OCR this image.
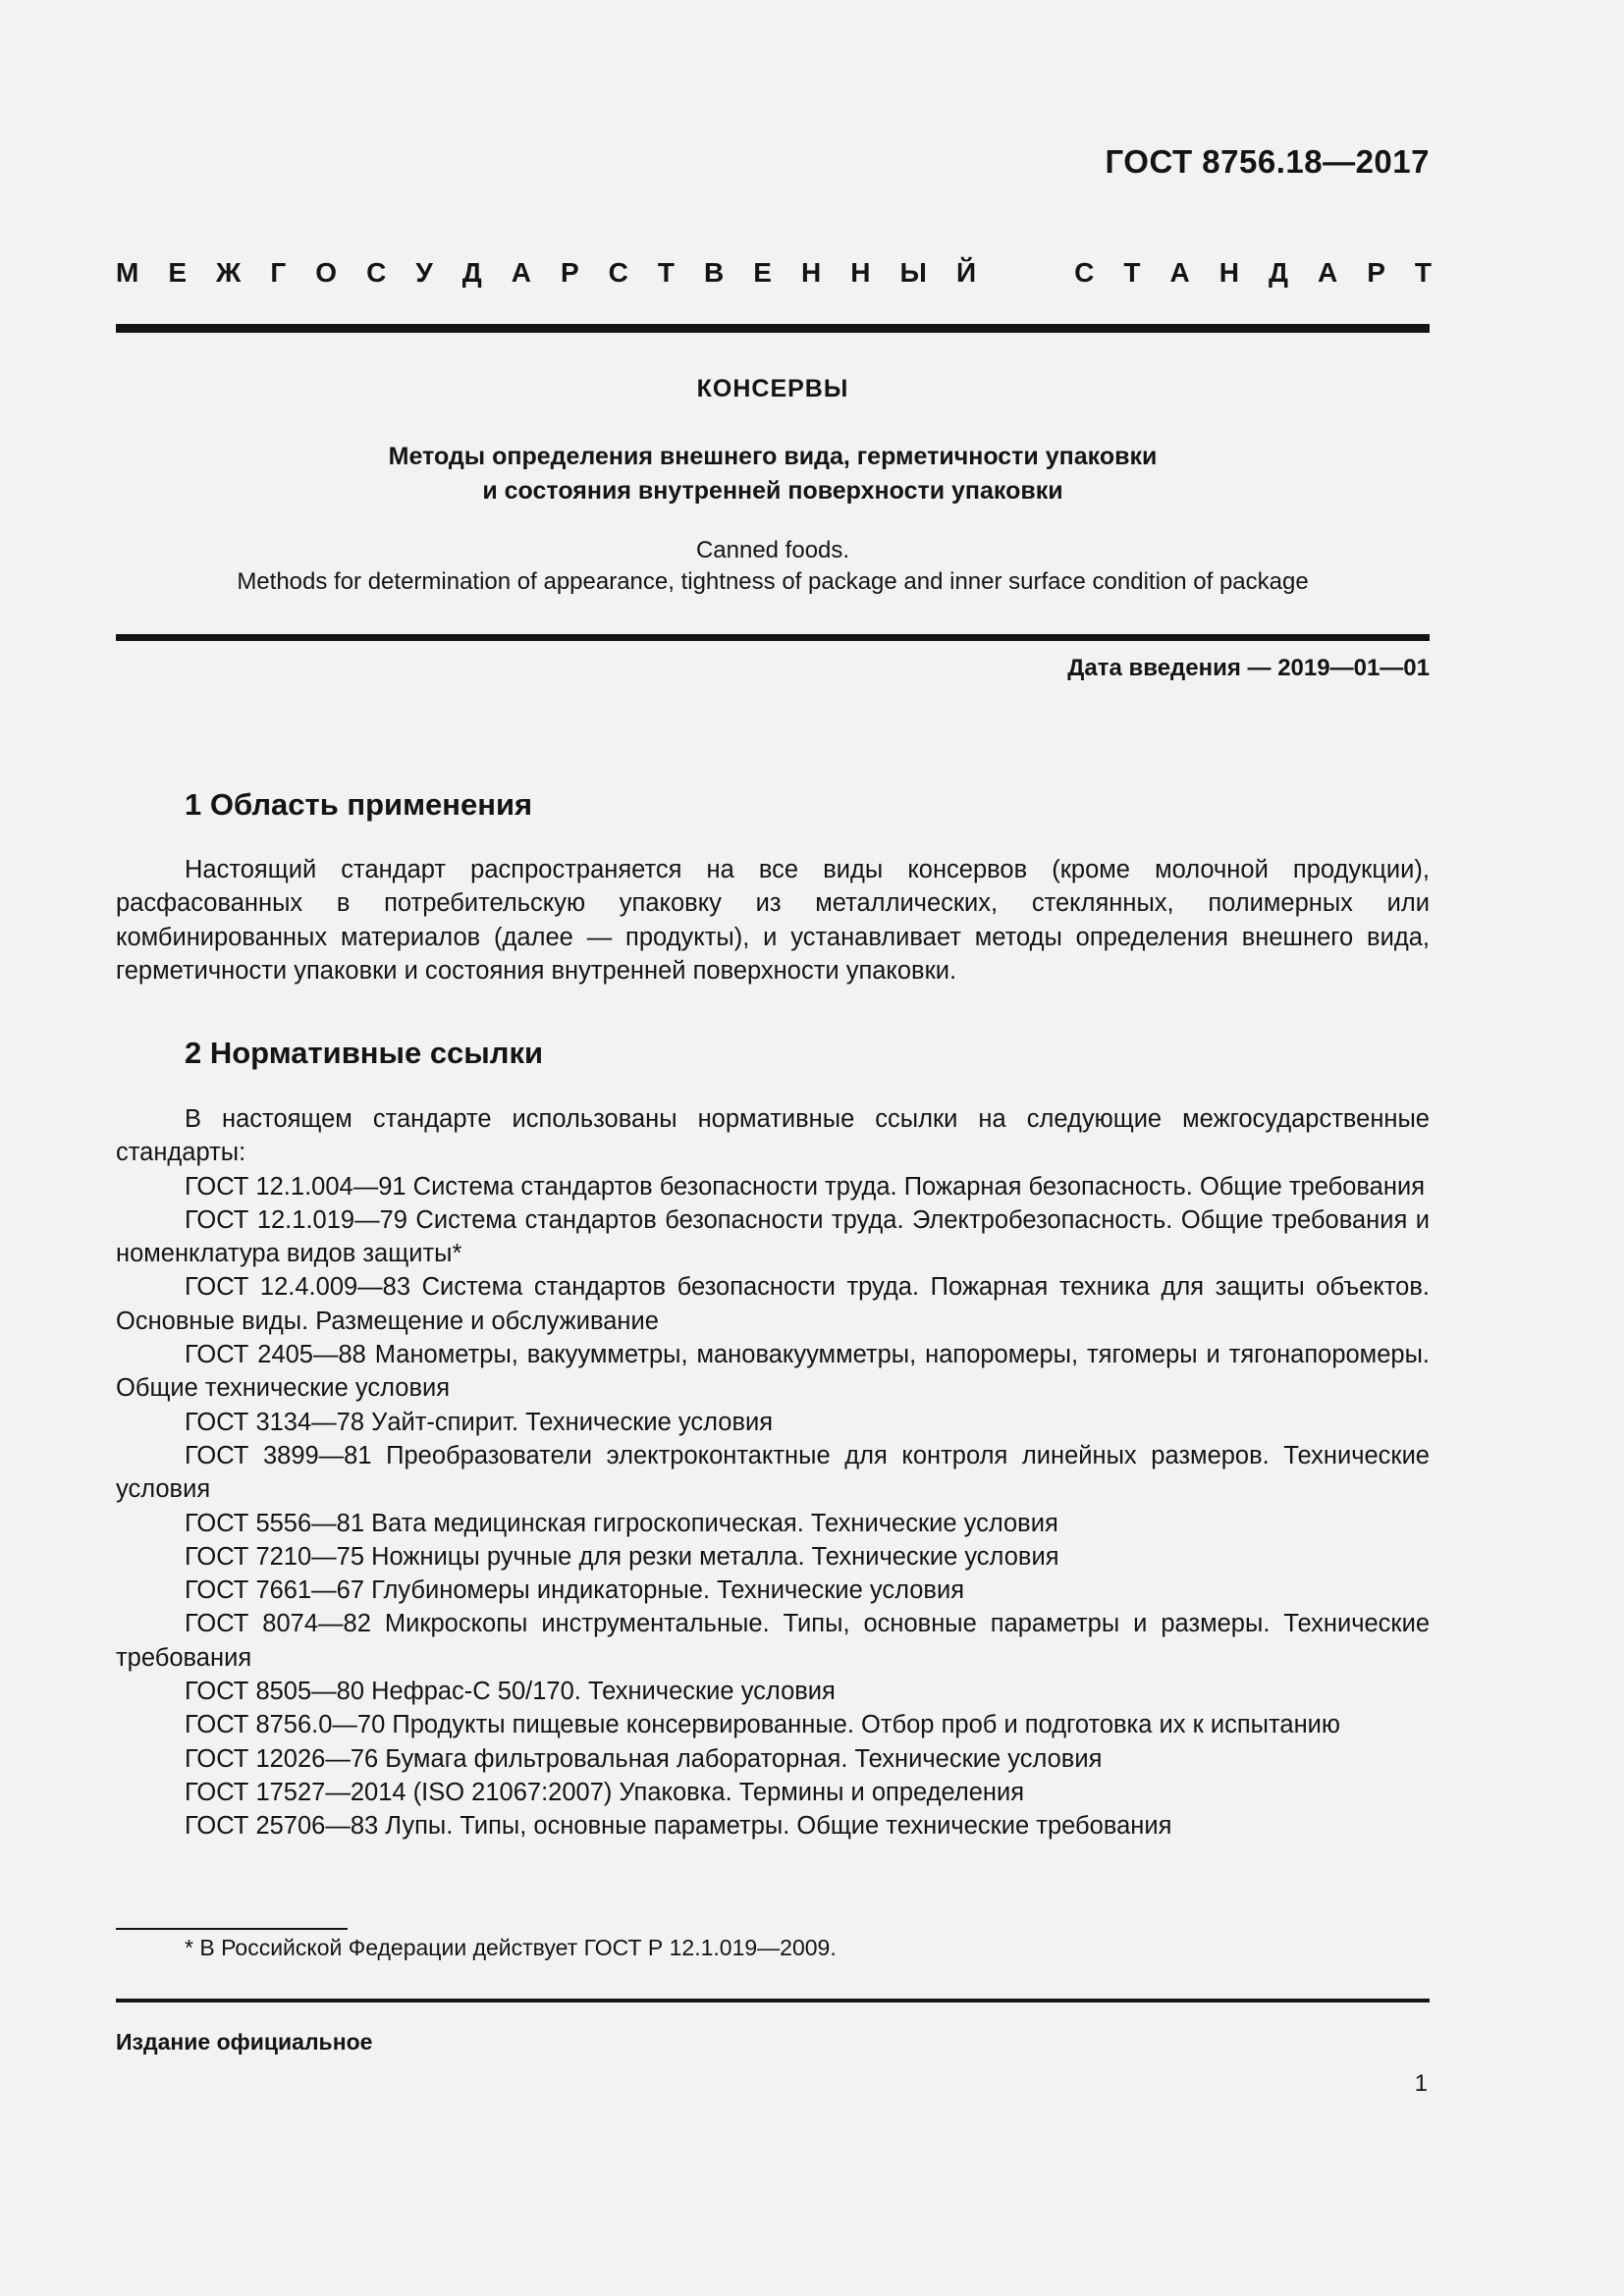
ГОСТ 8756.18—2017
М Е Ж Г О С У Д А Р С Т В Е Н Н Ы Й	С Т А Н Д А Р Т
КОНСЕРВЫ
Методы определения внешнего вида, герметичности упаковки
и состояния внутренней поверхности упаковки
Canned foods.
Methods for determination of appearance, tightness of package and inner surface condition of package
Дата введения — 2019—01—01
1 Область применения

Настоящий стандарт распространяется на все виды консервов (кроме молочной продукции), расфасованных в потребительскую упаковку из металлических, стеклянных, полимерных или комбинированных материалов (далее — продукты), и устанавливает методы определения внешнего вида, герметичности упаковки и состояния внутренней поверхности упаковки.

2 Нормативные ссылки

В настоящем стандарте использованы нормативные ссылки на следующие межгосударственные стандарты:

ГОСТ 12.1.004—91 Система стандартов безопасности труда. Пожарная безопасность. Общие требования

ГОСТ 12.1.019—79 Система стандартов безопасности труда. Электробезопасность. Общие требования и номенклатура видов защиты*

ГОСТ 12.4.009—83 Система стандартов безопасности труда. Пожарная техника для защиты объектов. Основные виды. Размещение и обслуживание

ГОСТ 2405—88 Манометры, вакуумметры, мановакуумметры, напоромеры, тягомеры и тягонапоромеры. Общие технические условия

ГОСТ 3134—78 Уайт-спирит. Технические условия

ГОСТ 3899—81 Преобразователи электроконтактные для контроля линейных размеров. Технические условия

ГОСТ 5556—81 Вата медицинская гигроскопическая. Технические условия

ГОСТ 7210—75 Ножницы ручные для резки металла. Технические условия

ГОСТ 7661—67 Глубиномеры индикаторные. Технические условия

ГОСТ 8074—82 Микроскопы инструментальные. Типы, основные параметры и размеры. Технические требования

ГОСТ 8505—80 Нефрас-С 50/170. Технические условия

ГОСТ 8756.0—70 Продукты пищевые консервированные. Отбор проб и подготовка их к испытанию

ГОСТ 12026—76 Бумага фильтровальная лабораторная. Технические условия

ГОСТ 17527—2014 (ISO 21067:2007) Упаковка. Термины и определения

ГОСТ 25706—83 Лупы. Типы, основные параметры. Общие технические требования

* В Российской Федерации действует ГОСТ Р 12.1.019—2009.
Издание официальное
1
